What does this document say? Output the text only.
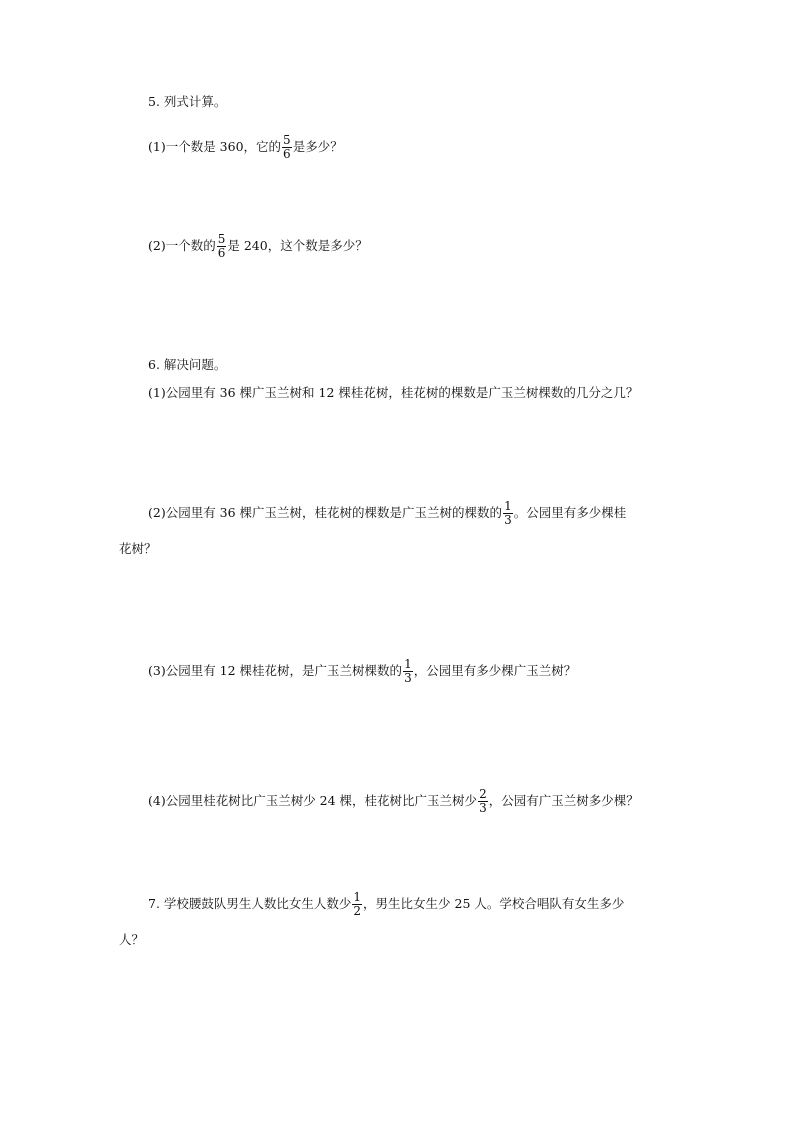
5. 列式计算。
(1)一个数是 360，它的 $\frac{5}{6}$ 是多少？
(2)一个数的 $\frac{5}{6}$ 是 240，这个数是多少？
6. 解决问题。
(1)公园里有 36 棵广玉兰树和 12 棵桂花树，桂花树的棵数是广玉兰树棵数的几分之几？
(2)公园里有 36 棵广玉兰树，桂花树的棵数是广玉兰树的棵数的 $\frac{1}{3}$ 。公园里有多少棵桂
花树？
(3)公园里有 12 棵桂花树，是广玉兰树棵数的 $\frac{1}{3}$ ，公园里有多少棵广玉兰树？
(4)公园里桂花树比广玉兰树少 24 棵，桂花树比广玉兰树少 $\frac{2}{3}$ ，公园有广玉兰树多少棵？
7. 学校腰鼓队男生人数比女生人数少 $\frac{1}{2}$ ，男生比女生少 25 人。学校合唱队有女生多少
人？
